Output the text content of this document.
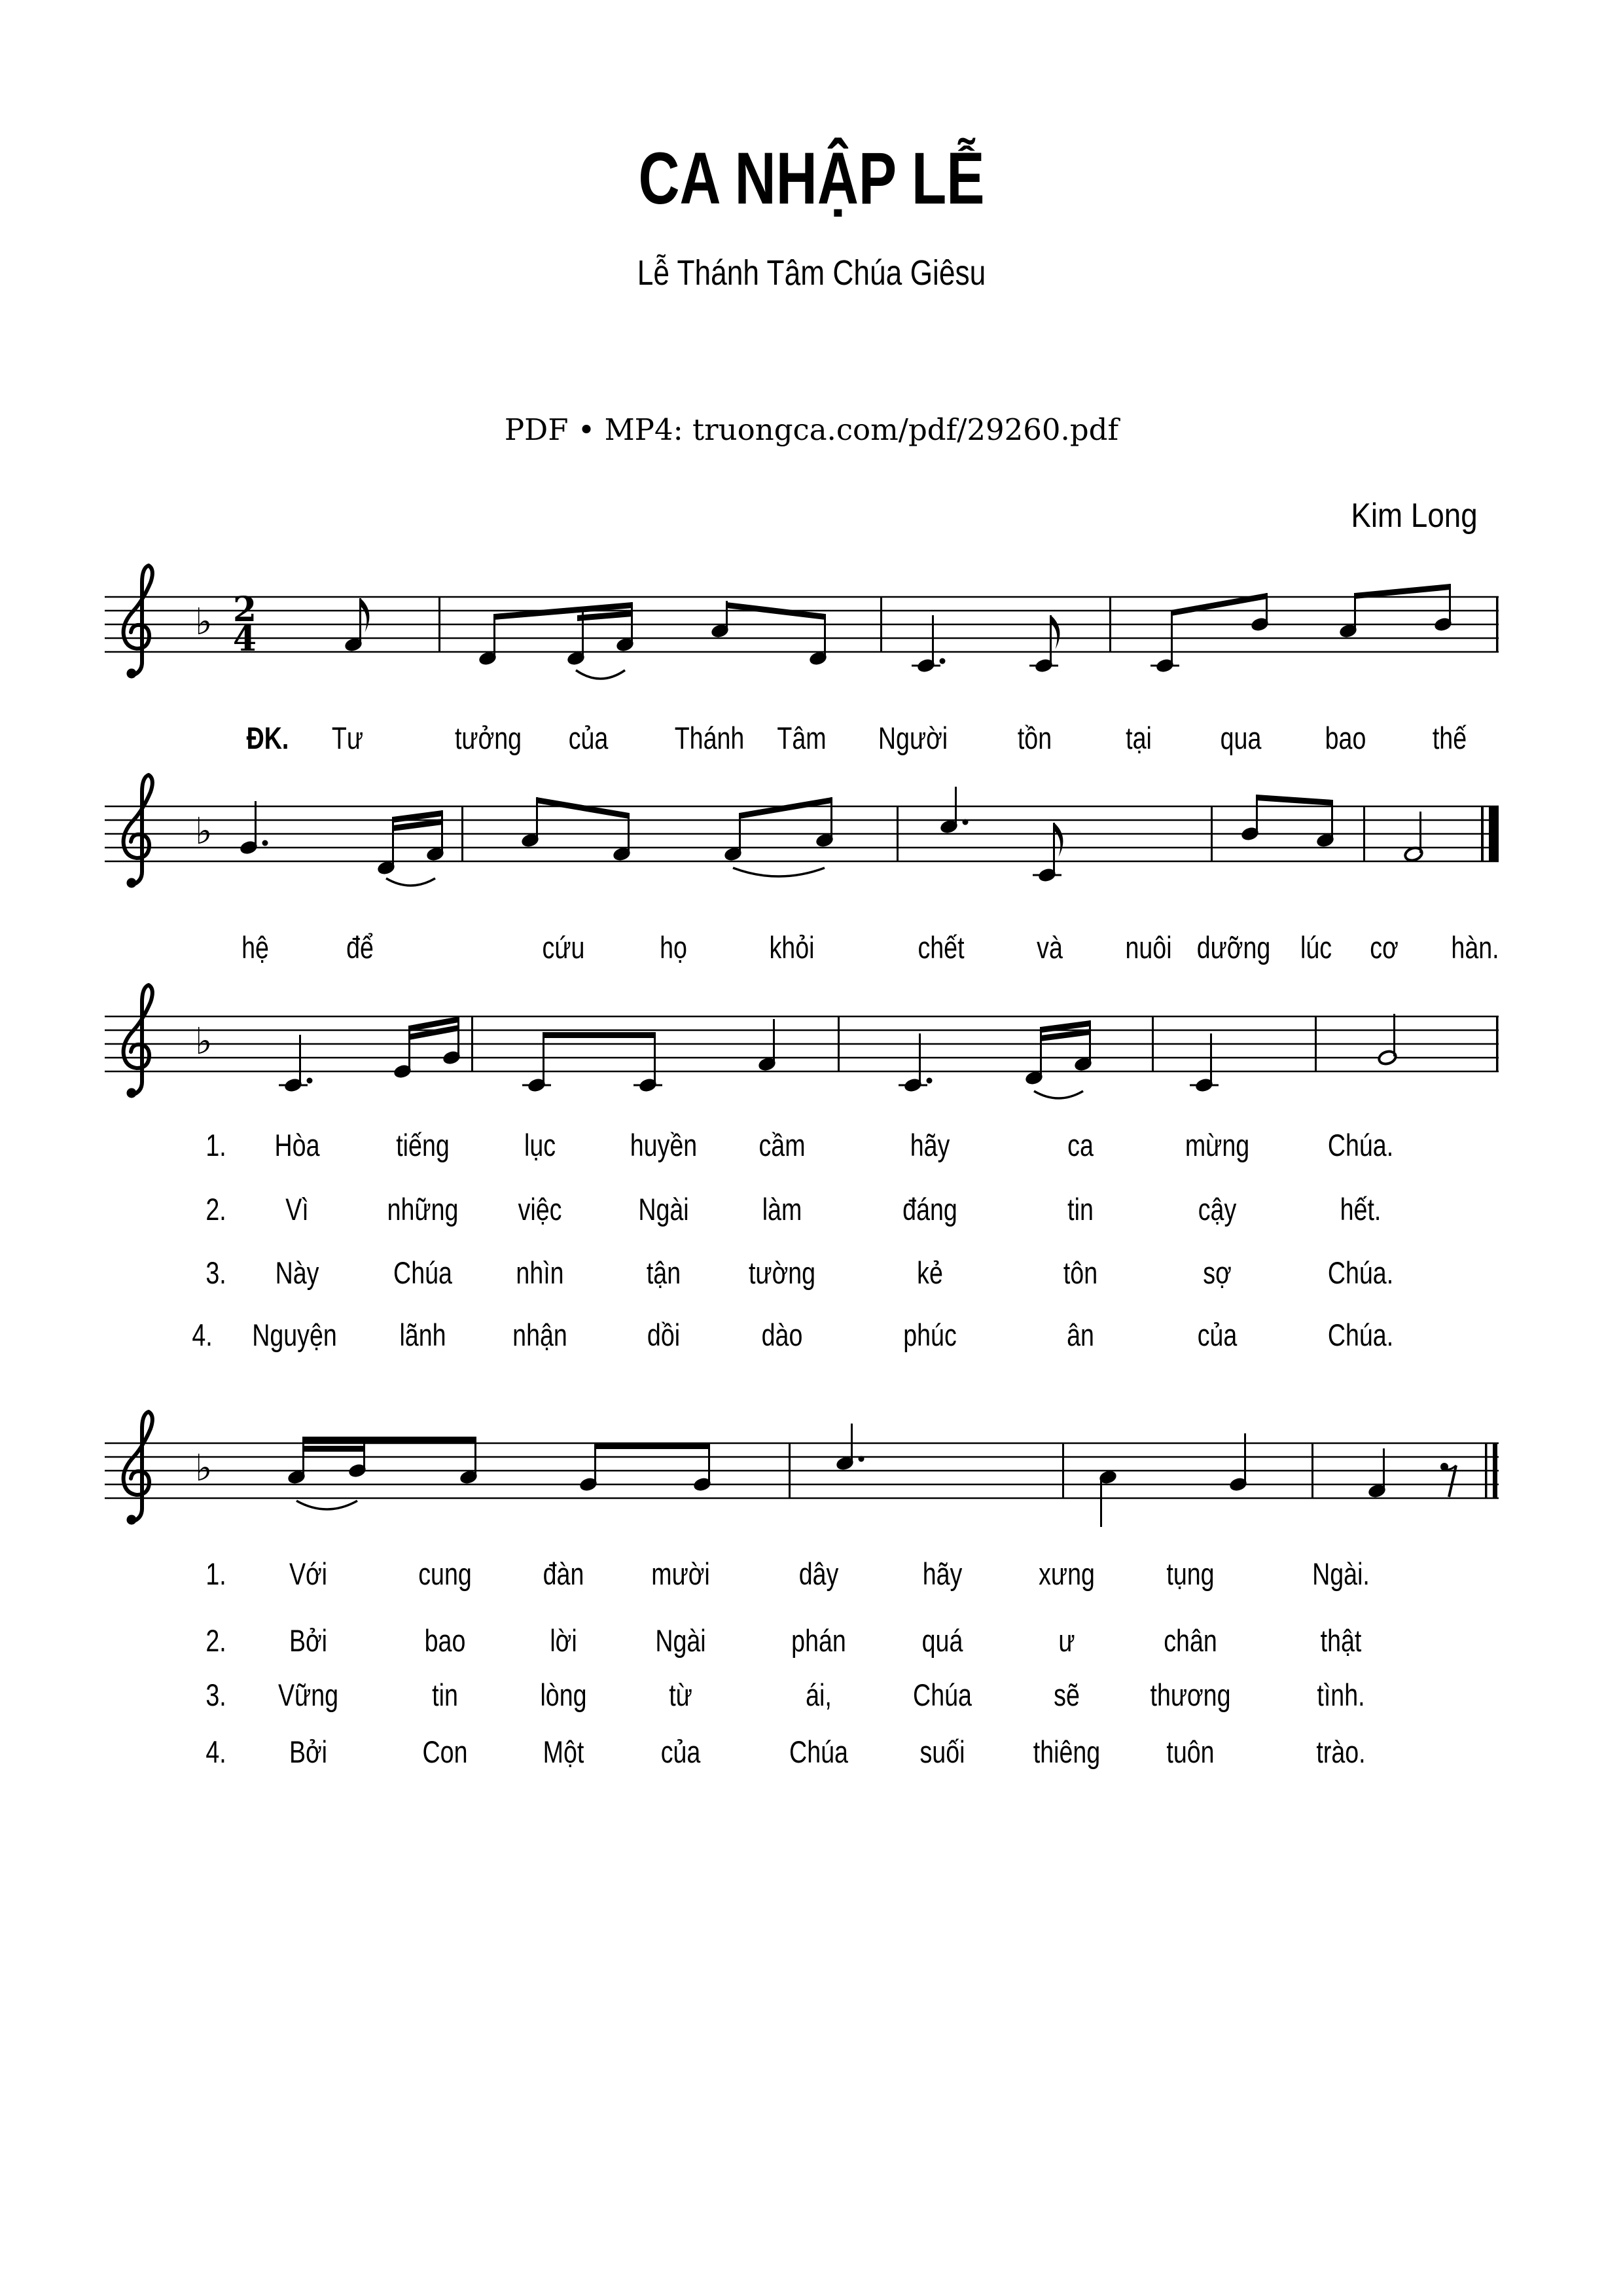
CA NHẬP LỄ
Lễ Thánh Tâm Chúa Giêsu
PDF • MP4: truongca.com/pdf/29260.pdf
Kim Long
♭ 2
4
♭
♭
♭
ĐK. Tư	tưởng của Thánh Tâm Người tồn tại qua bao thế
hệ	để	cứu họ	khỏi	chết và nuôi dưỡng lúc cơ hàn.
1. Hòa tiếng lục huyền cầm	hãy	ca	mừng	Chúa.
2. Vì	những việc Ngài làm	đáng	tin	cậy	hết.
3. Này Chúa nhìn	tận tường	kẻ	tôn	sợ	Chúa.
4. Nguyện lãnh nhận	dồi	dào	phúc	ân	của	Chúa.
1. Với	cung đàn mười	dây	hãy xưng tụng	Ngài.
2. Bởi	bao	lời	Ngài	phán quá	ư	chân	thật
3. Vững	tin	lòng	từ	ái,	Chúa	sẽ thương	tình.
4. Bởi	Con Một của	Chúa suối thiêng tuôn	trào.
